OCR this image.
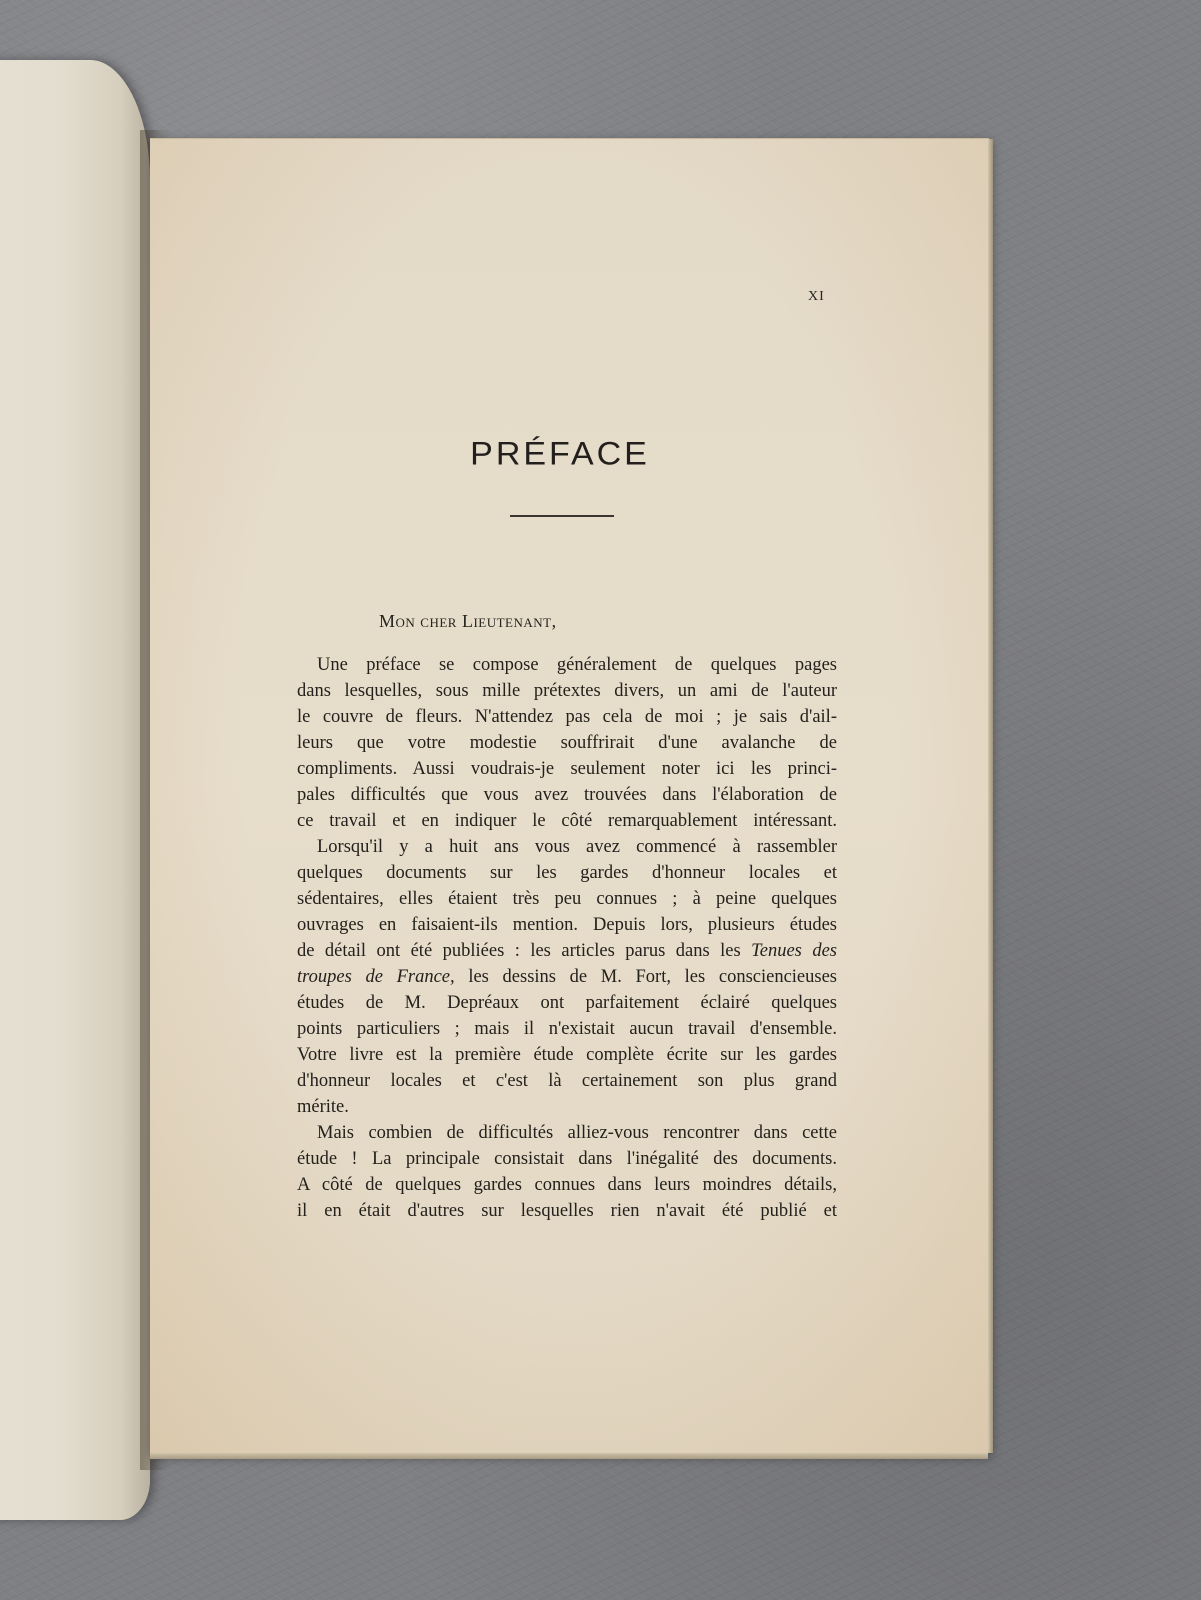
XI
PRÉFACE
Mon cher Lieutenant,
Une préface se compose généralement de quelques pages
dans lesquelles, sous mille prétextes divers, un ami de l'auteur
le couvre de fleurs. N'attendez pas cela de moi ; je sais d'ail-
leurs que votre modestie souffrirait d'une avalanche de
compliments. Aussi voudrais-je seulement noter ici les princi-
pales difficultés que vous avez trouvées dans l'élaboration de
ce travail et en indiquer le côté remarquablement intéressant.
Lorsqu'il y a huit ans vous avez commencé à rassembler
quelques documents sur les gardes d'honneur locales et
sédentaires, elles étaient très peu connues ; à peine quelques
ouvrages en faisaient-ils mention. Depuis lors, plusieurs études
de détail ont été publiées : les articles parus dans les Tenues des
troupes de France, les dessins de M. Fort, les consciencieuses
études de M. Depréaux ont parfaitement éclairé quelques
points particuliers ; mais il n'existait aucun travail d'ensemble.
Votre livre est la première étude complète écrite sur les gardes
d'honneur locales et c'est là certainement son plus grand
mérite.
Mais combien de difficultés alliez-vous rencontrer dans cette
étude ! La principale consistait dans l'inégalité des documents.
A côté de quelques gardes connues dans leurs moindres détails,
il en était d'autres sur lesquelles rien n'avait été publié et
